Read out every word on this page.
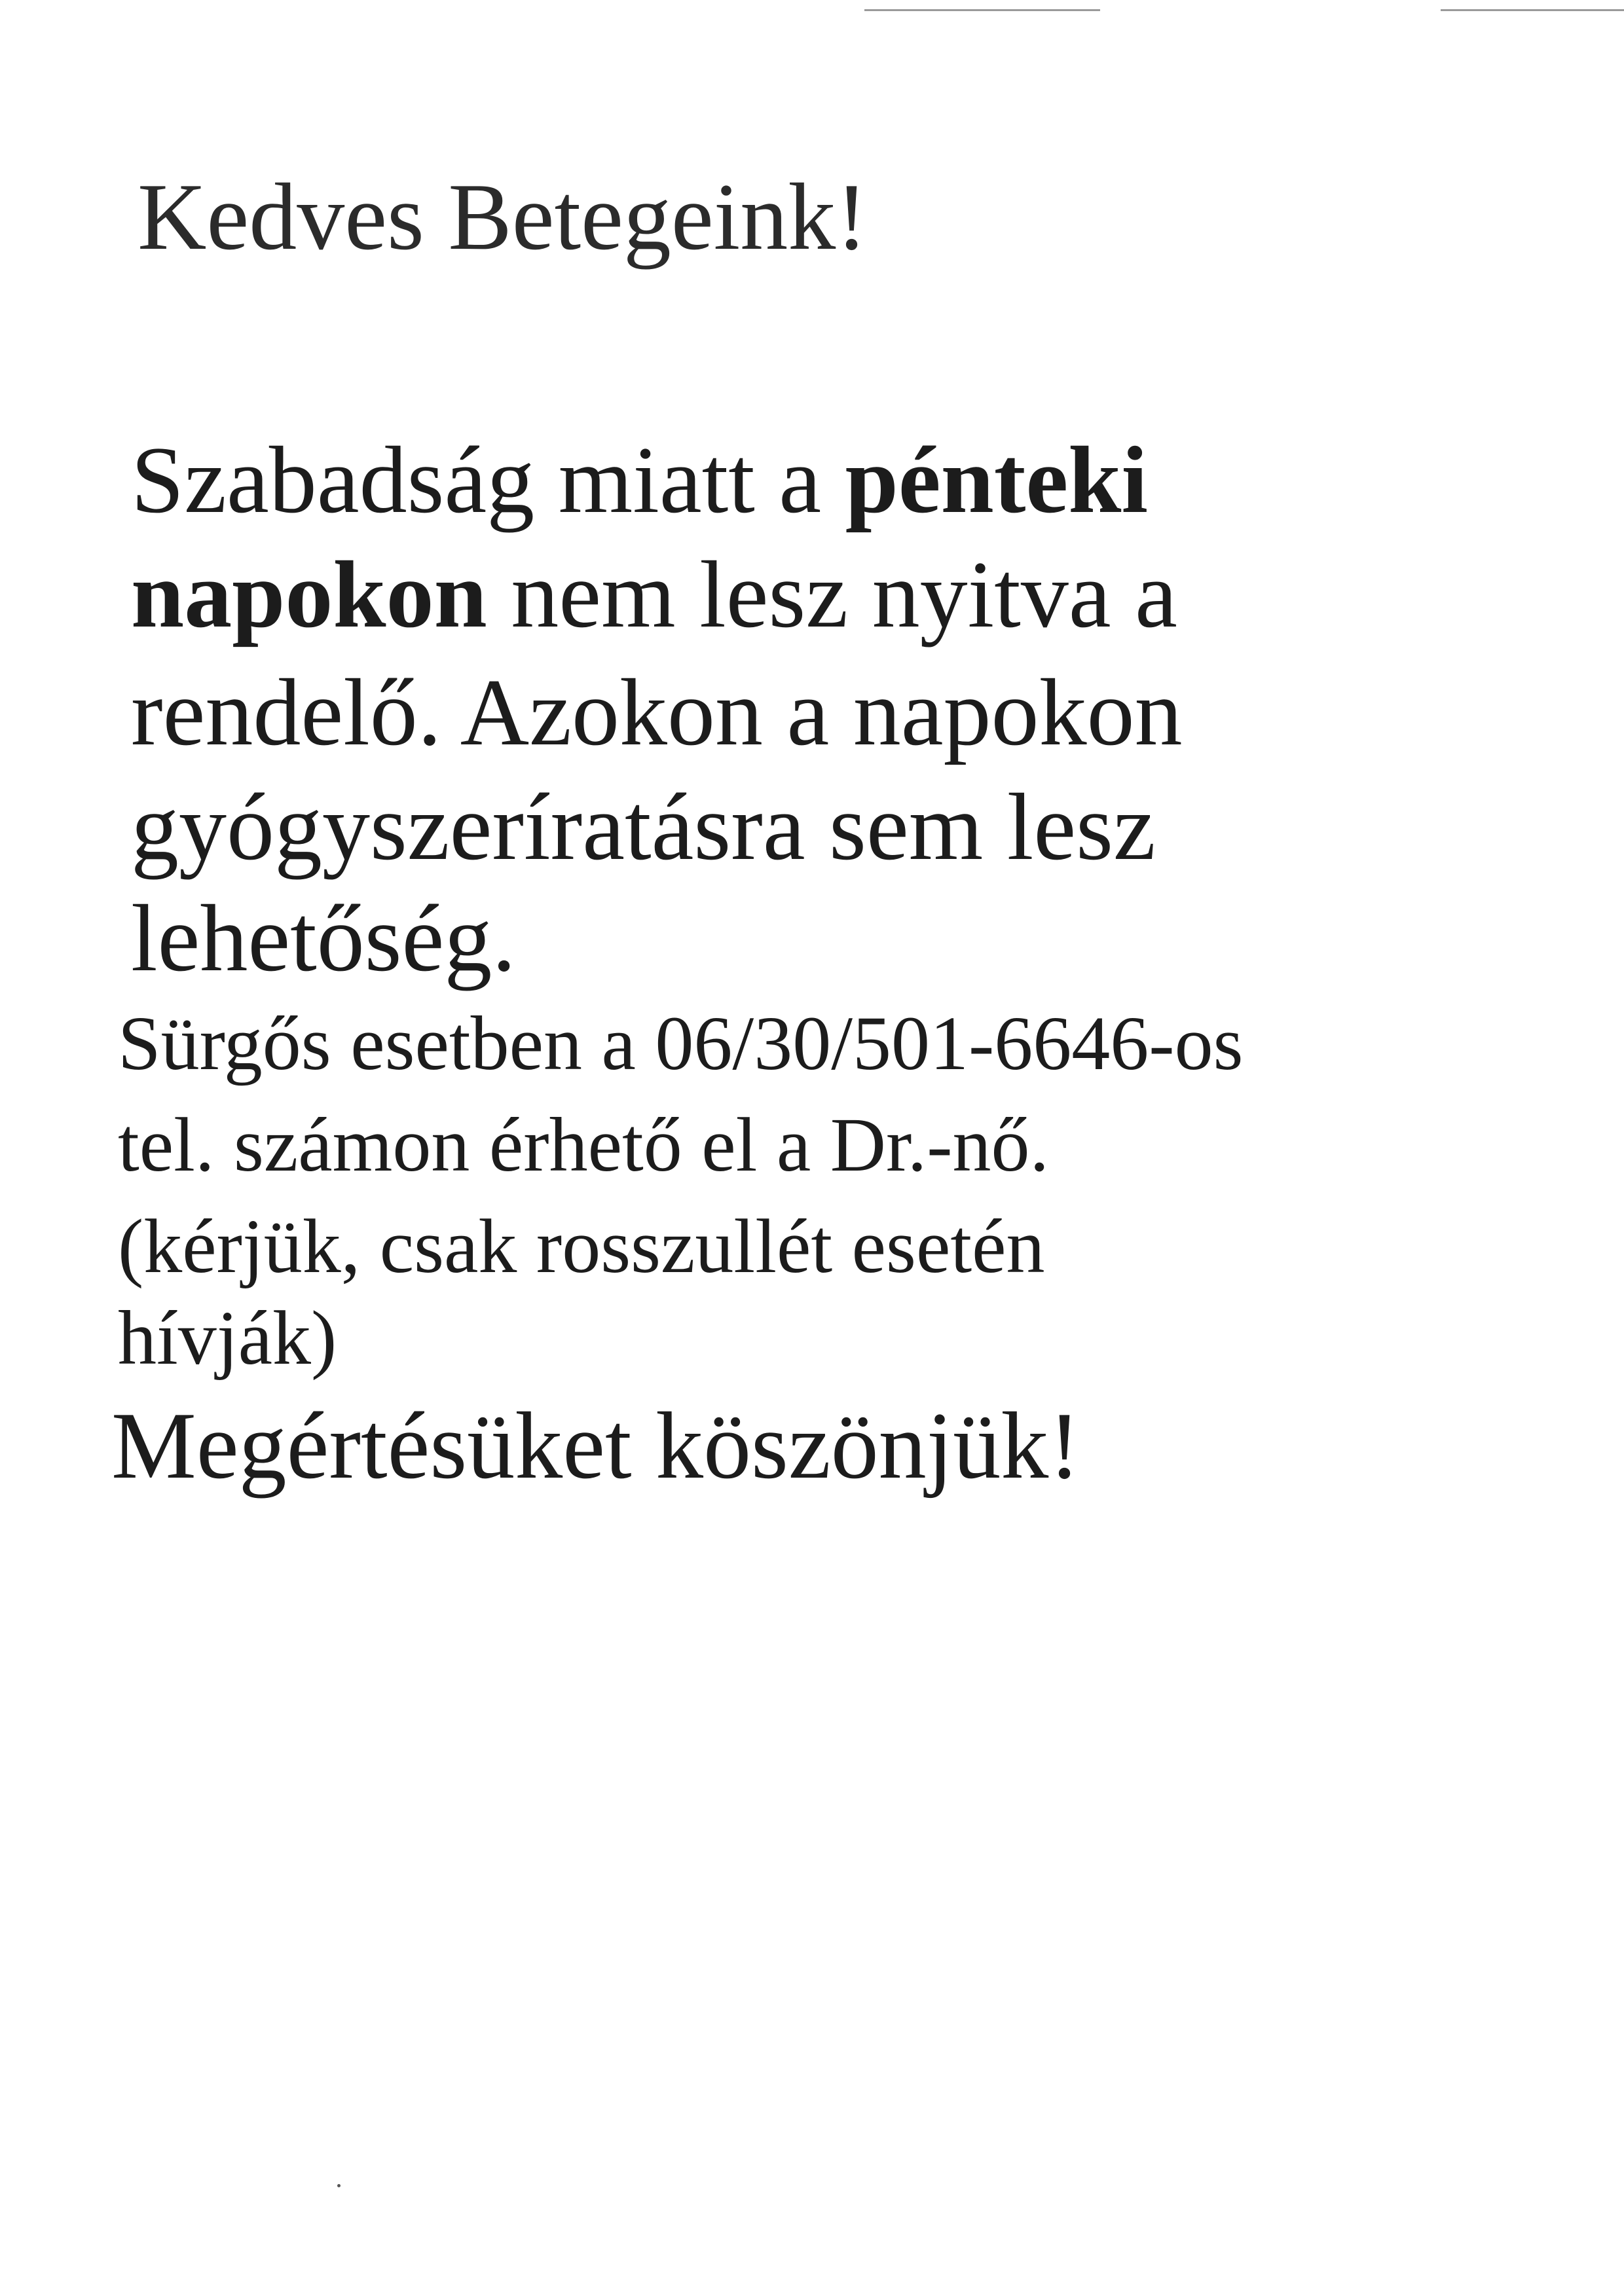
Kedves Betegeink!
Szabadság miatt a pénteki
napokon nem lesz nyitva a
rendelő. Azokon a napokon
gyógyszeríratásra sem lesz
lehetőség.
Sürgős esetben a 06/30/501-6646-os
tel. számon érhető el a Dr.-nő.
(kérjük, csak rosszullét esetén
hívják)
Megértésüket köszönjük!
